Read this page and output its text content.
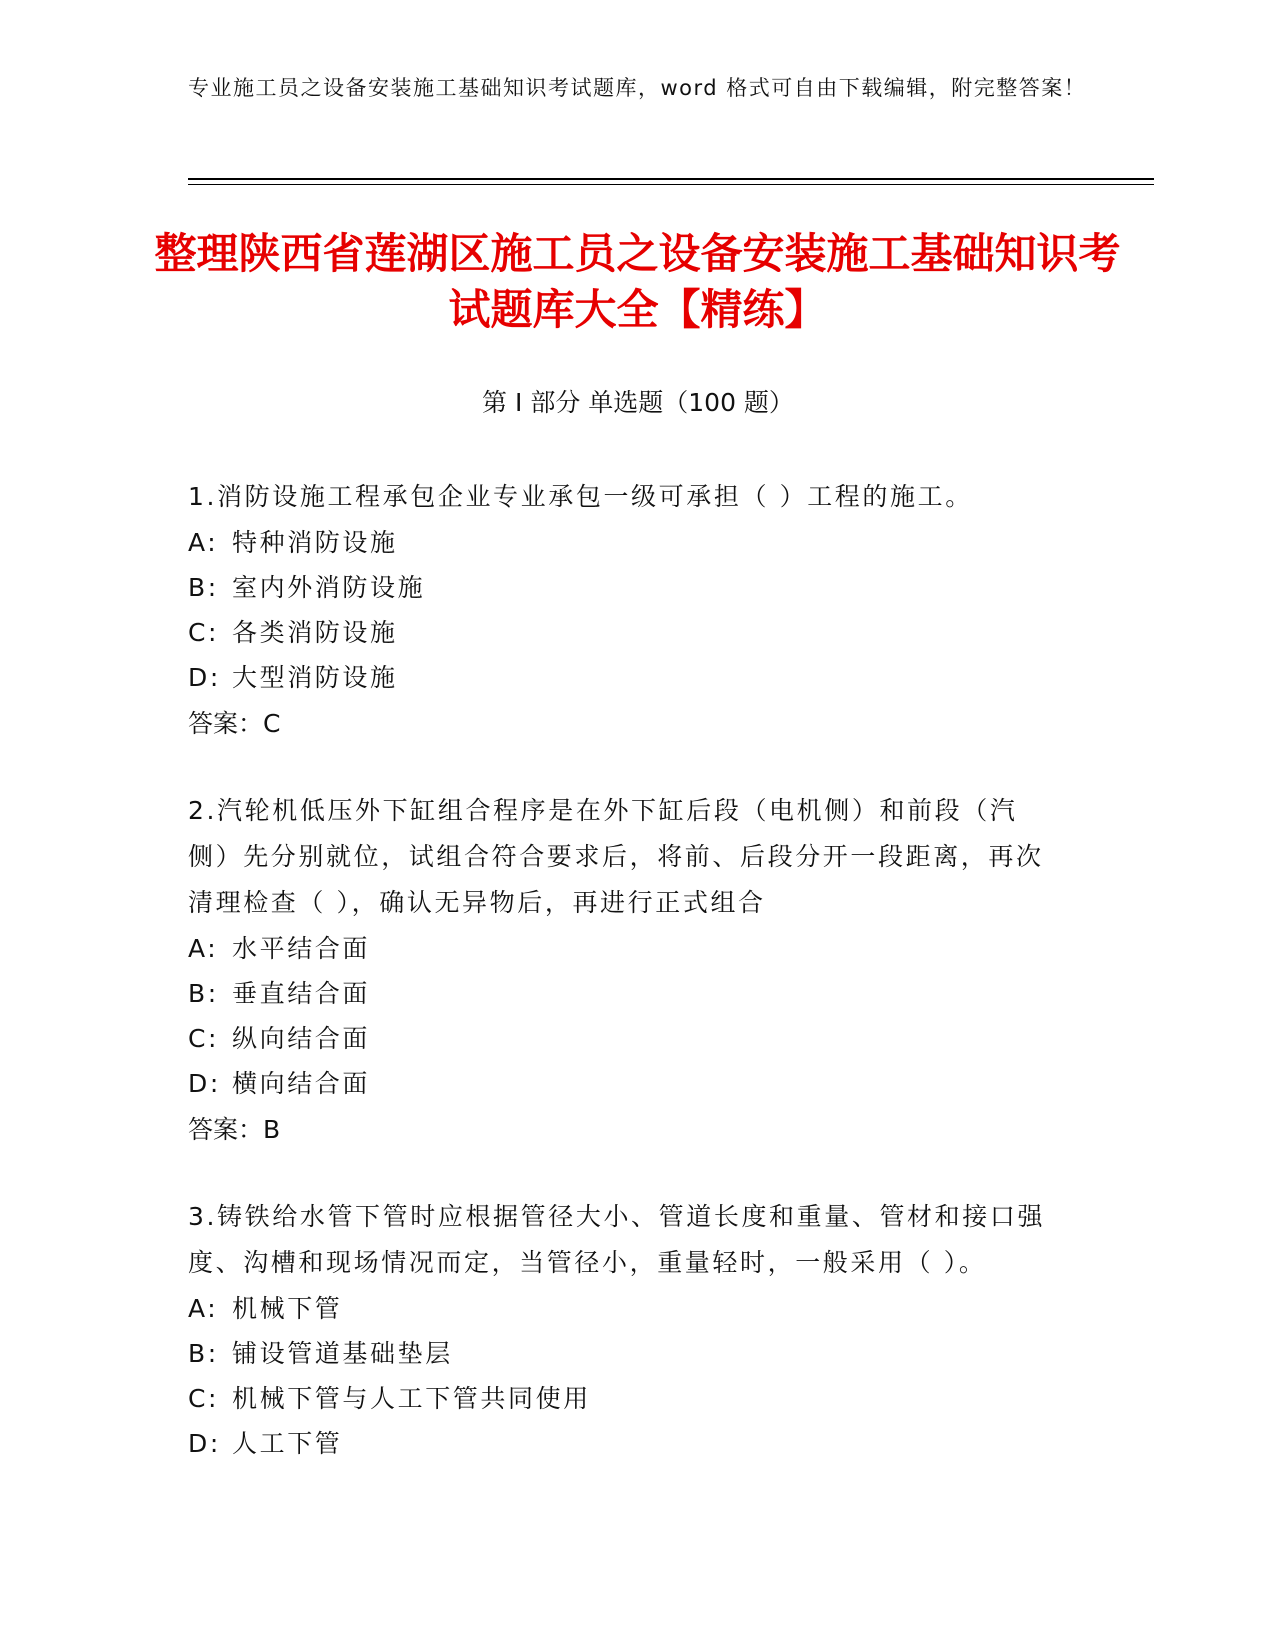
专业施工员之设备安装施工基础知识考试题库，word 格式可自由下载编辑，附完整答案！
整理陕西省莲湖区施工员之设备安装施工基础知识考试题库大全【精练】
第 I 部分 单选题（100 题）
1.消防设施工程承包企业专业承包一级可承担（ ）工程的施工。
A: 特种消防设施
B: 室内外消防设施
C: 各类消防设施
D: 大型消防设施
答案：C
2.汽轮机低压外下缸组合程序是在外下缸后段（电机侧）和前段（汽侧）先分别就位，试组合符合要求后，将前、后段分开一段距离，再次清理检查（ ），确认无异物后，再进行正式组合
A: 水平结合面
B: 垂直结合面
C: 纵向结合面
D: 横向结合面
答案：B
3.铸铁给水管下管时应根据管径大小、管道长度和重量、管材和接口强度、沟槽和现场情况而定，当管径小，重量轻时，一般采用（ ）。
A: 机械下管
B: 铺设管道基础垫层
C: 机械下管与人工下管共同使用
D: 人工下管
